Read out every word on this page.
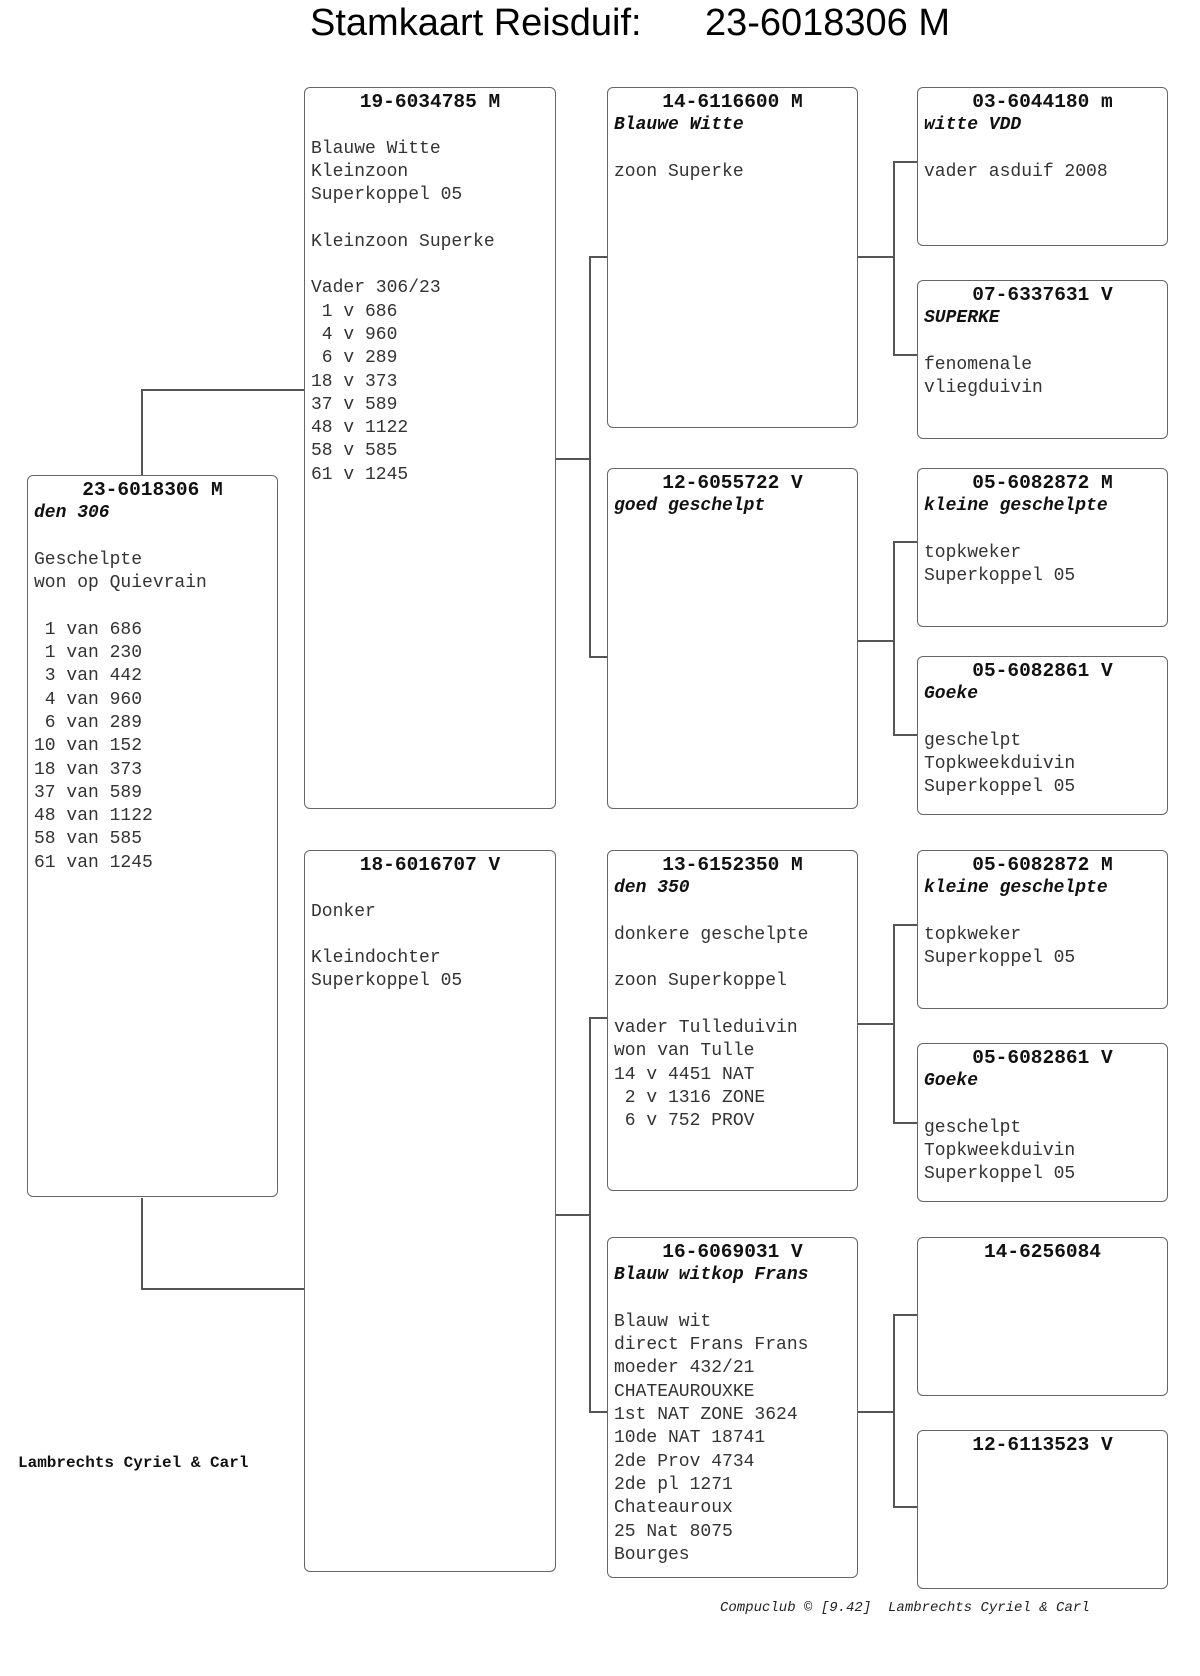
Stamkaart Reisduif: 23-6018306 M
23-6018306 M
den 306
Geschelpte
won op Quievrain
1 van 686
1 van 230
3 van 442
4 van 960
6 van 289
10 van 152
18 van 373
37 van 589
48 van 1122
58 van 585
61 van 1245
19-6034785 M
Blauwe Witte
Kleinzoon
Superkoppel 05
Kleinzoon Superke
Vader 306/23
1 v 686
4 v 960
6 v 289
18 v 373
37 v 589
48 v 1122
58 v 585
61 v 1245
18-6016707 V
Donker
Kleindochter
Superkoppel 05
14-6116600 M
Blauwe Witte
zoon Superke
12-6055722 V
goed geschelpt
13-6152350 M
den 350
donkere geschelpte
zoon Superkoppel
vader Tulleduivin
won van Tulle
14 v 4451 NAT
2 v 1316 ZONE
6 v 752 PROV
16-6069031 V
Blauw witkop Frans
Blauw wit
direct Frans Frans
moeder 432/21
CHATEAUROUXKE
1st NAT ZONE 3624
10de NAT 18741
2de Prov 4734
2de pl 1271
Chateauroux
25 Nat 8075
Bourges
03-6044180 m
witte VDD
vader asduif 2008
07-6337631 V
SUPERKE
fenomenale
vliegduivin
05-6082872 M
kleine geschelpte
topkweker
Superkoppel 05
05-6082861 V
Goeke
geschelpt
Topkweekduivin
Superkoppel 05
05-6082872 M
kleine geschelpte
topkweker
Superkoppel 05
05-6082861 V
Goeke
geschelpt
Topkweekduivin
Superkoppel 05
14-6256084
12-6113523 V
Lambrechts Cyriel & Carl
Compuclub © [9.42]  Lambrechts Cyriel & Carl
